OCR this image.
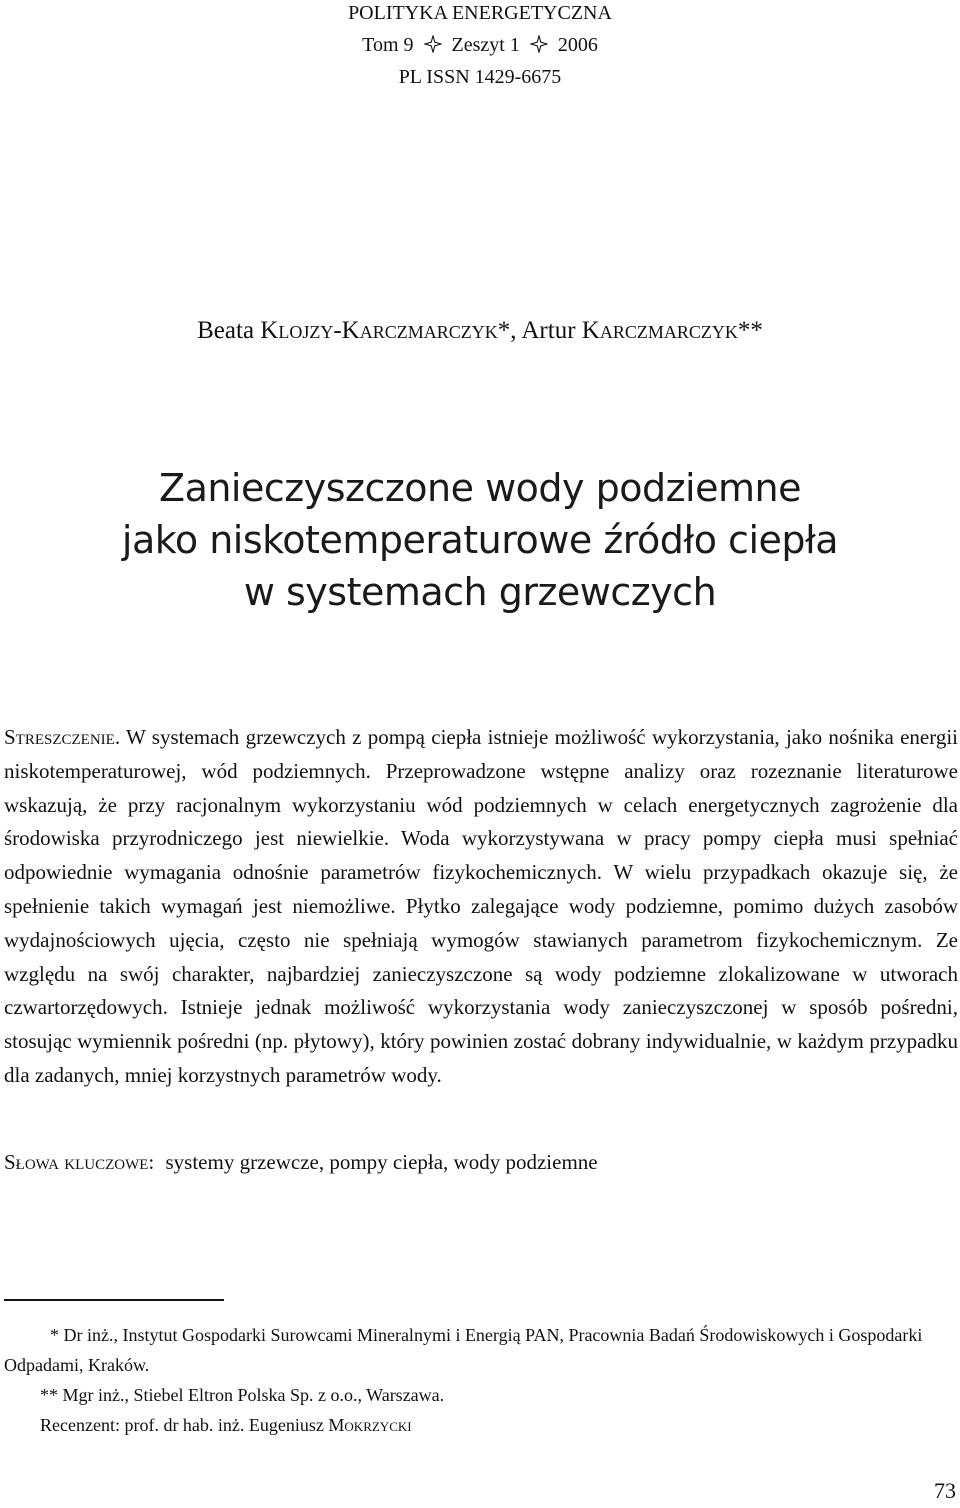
POLITYKA ENERGETYCZNA
Tom 9 Zeszyt 1 2006
PL ISSN 1429-6675
Beata Klojzy-Karczmarczyk*, Artur Karczmarczyk**
Zanieczyszczone wody podziemne
jako niskotemperaturowe źródło ciepła
w systemach grzewczych

Streszczenie. W systemach grzewczych z pompą ciepła istnieje możliwość wykorzystania, jako nośnika energii niskotemperaturowej, wód podziemnych. Przeprowadzone wstępne analizy oraz rozeznanie literaturowe wskazują, że przy racjonalnym wykorzystaniu wód podziemnych w celach energetycznych zagrożenie dla środowiska przyrodniczego jest niewielkie. Woda wykorzystywana w pracy pompy ciepła musi spełniać odpowiednie wymagania odnośnie parametrów fizykochemicznych. W wielu przypadkach okazuje się, że spełnienie takich wymagań jest niemożliwe. Płytko zalegające wody podziemne, pomimo dużych zasobów wydajnościowych ujęcia, często nie spełniają wymogów stawianych parametrom fizykochemicznym. Ze względu na swój charakter, najbardziej zanieczyszczone są wody podziemne zlokalizowane w utworach czwartorzędowych. Istnieje jednak możliwość wykorzystania wody zanieczyszczonej w sposób pośredni, stosując wymiennik pośredni (np. płytowy), który powinien zostać dobrany indywidualnie, w każdym przypadku dla zadanych, mniej korzystnych parametrów wody.

Słowa kluczowe: systemy grzewcze, pompy ciepła, wody podziemne
* Dr inż., Instytut Gospodarki Surowcami Mineralnymi i Energią PAN, Pracownia Badań Środowiskowych i Gospodarki Odpadami, Kraków.
** Mgr inż., Stiebel Eltron Polska Sp. z o.o., Warszawa.
Recenzent: prof. dr hab. inż. Eugeniusz Mokrzycki
73
